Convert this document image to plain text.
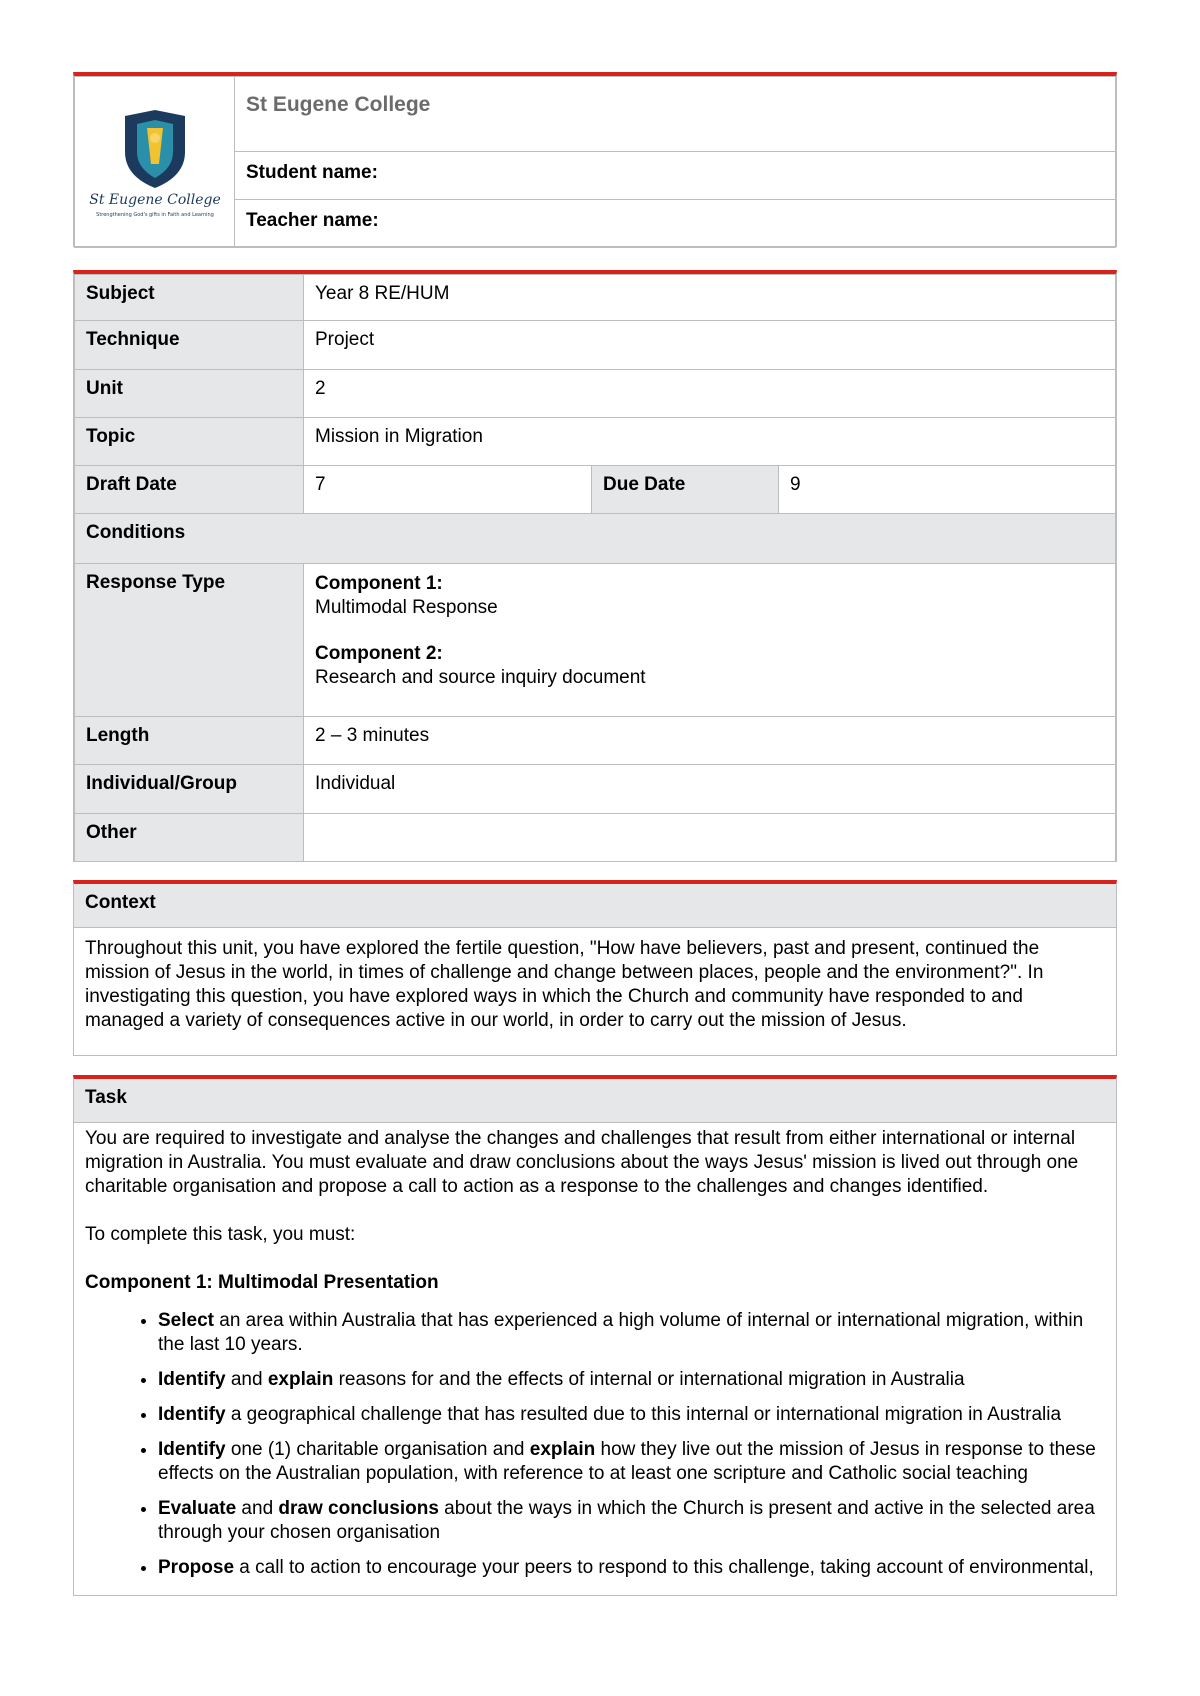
St Eugene College
Strengthening God's gifts in Faith and Learning
	St Eugene College
Student name:
Teacher name:
Subject	Year 8 RE/HUM		
Technique	Project		
Unit	2		
Topic	Mission in Migration		
Draft Date	7	Due Date	9
Conditions			
Response Type	Component 1:
Multimodal Response
Component 2:
Research and source inquiry document		

Length	2 – 3 minutes		
Individual/Group	Individual		
Other			
Context

Throughout this unit, you have explored the fertile question, "How have believers, past and present, continued the mission of Jesus in the world, in times of challenge and change between places, people and the environment?". In investigating this question, you have explored ways in which the Church and community have responded to and managed a variety of consequences active in our world, in order to carry out the mission of Jesus.

Task

You are required to investigate and analyse the changes and challenges that result from either international or internal migration in Australia. You must evaluate and draw conclusions about the ways Jesus' mission is lived out through one charitable organisation and propose a call to action as a response to the challenges and changes identified.

To complete this task, you must:

Component 1: Multimodal Presentation

• Select an area within Australia that has experienced a high volume of internal or international migration, within the last 10 years.
• Identify and explain reasons for and the effects of internal or international migration in Australia
• Identify a geographical challenge that has resulted due to this internal or international migration in Australia
• Identify one (1) charitable organisation and explain how they live out the mission of Jesus in response to these effects on the Australian population, with reference to at least one scripture and Catholic social teaching
• Evaluate and draw conclusions about the ways in which the Church is present and active in the selected area through your chosen organisation
• Propose a call to action to encourage your peers to respond to this challenge, taking account of environmental,
